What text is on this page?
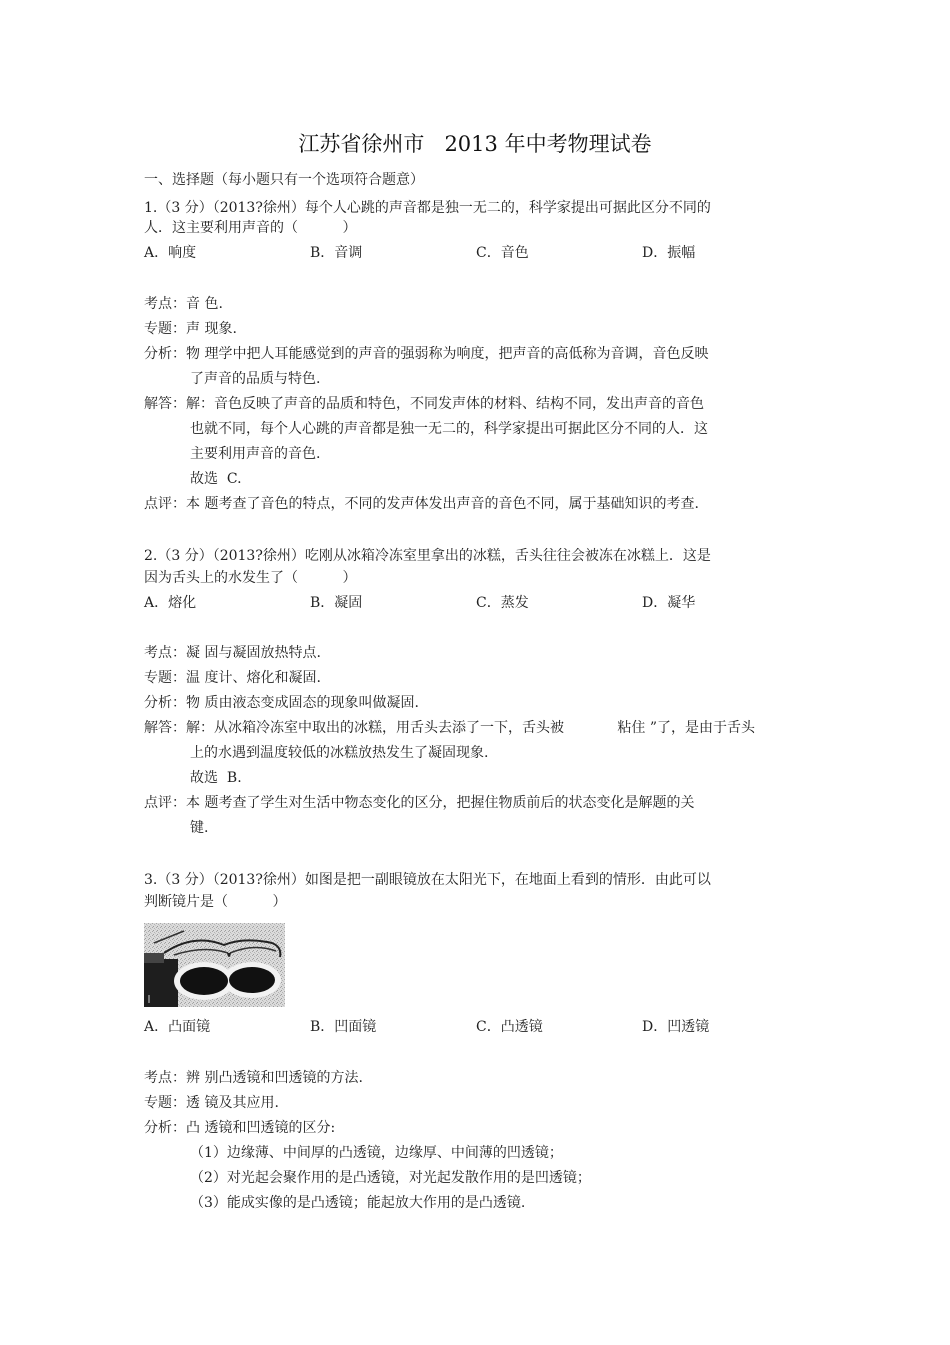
江苏省徐州市   2013 年中考物理试卷
一、选择题（每小题只有一个选项符合题意）
1.（3 分）（2013?徐州）每个人心跳的声音都是独一无二的，科学家提出可据此区分不同的
人．这主要利用声音的（          ）
A．响度	B．音调	C．音色	D．振幅
考点：音 色.
专题：声 现象.
分析：物 理学中把人耳能感觉到的声音的强弱称为响度，把声音的高低称为音调，音色反映
了声音的品质与特色.
解答：解：音色反映了声音的品质和特色，不同发声体的材料、结构不同，发出声音的音色
也就不同，每个人心跳的声音都是独一无二的，科学家提出可据此区分不同的人．这
主要利用声音的音色.
故选  C.
点评：本 题考查了音色的特点，不同的发声体发出声音的音色不同，属于基础知识的考查.
2.（3 分）（2013?徐州）吃刚从冰箱冷冻室里拿出的冰糕，舌头往往会被冻在冰糕上．这是
因为舌头上的水发生了（          ）
A．熔化	B．凝固	C．蒸发	D．凝华
考点：凝 固与凝固放热特点.
专题：温 度计、熔化和凝固.
分析：物 质由液态变成固态的现象叫做凝固.
解答：解：从冰箱冷冻室中取出的冰糕，用舌头去添了一下，舌头被            粘住 ”了，是由于舌头
上的水遇到温度较低的冰糕放热发生了凝固现象.
故选  B.
点评：本 题考查了学生对生活中物态变化的区分，把握住物质前后的状态变化是解题的关
键.
3.（3 分）（2013?徐州）如图是把一副眼镜放在太阳光下，在地面上看到的情形．由此可以
判断镜片是（          ）
A．凸面镜	B．凹面镜	C．凸透镜	D．凹透镜
考点：辨 别凸透镜和凹透镜的方法.
专题：透 镜及其应用.
分析：凸 透镜和凹透镜的区分:
（1）边缘薄、中间厚的凸透镜，边缘厚、中间薄的凹透镜；
（2）对光起会聚作用的是凸透镜，对光起发散作用的是凹透镜；
（3）能成实像的是凸透镜；能起放大作用的是凸透镜.
